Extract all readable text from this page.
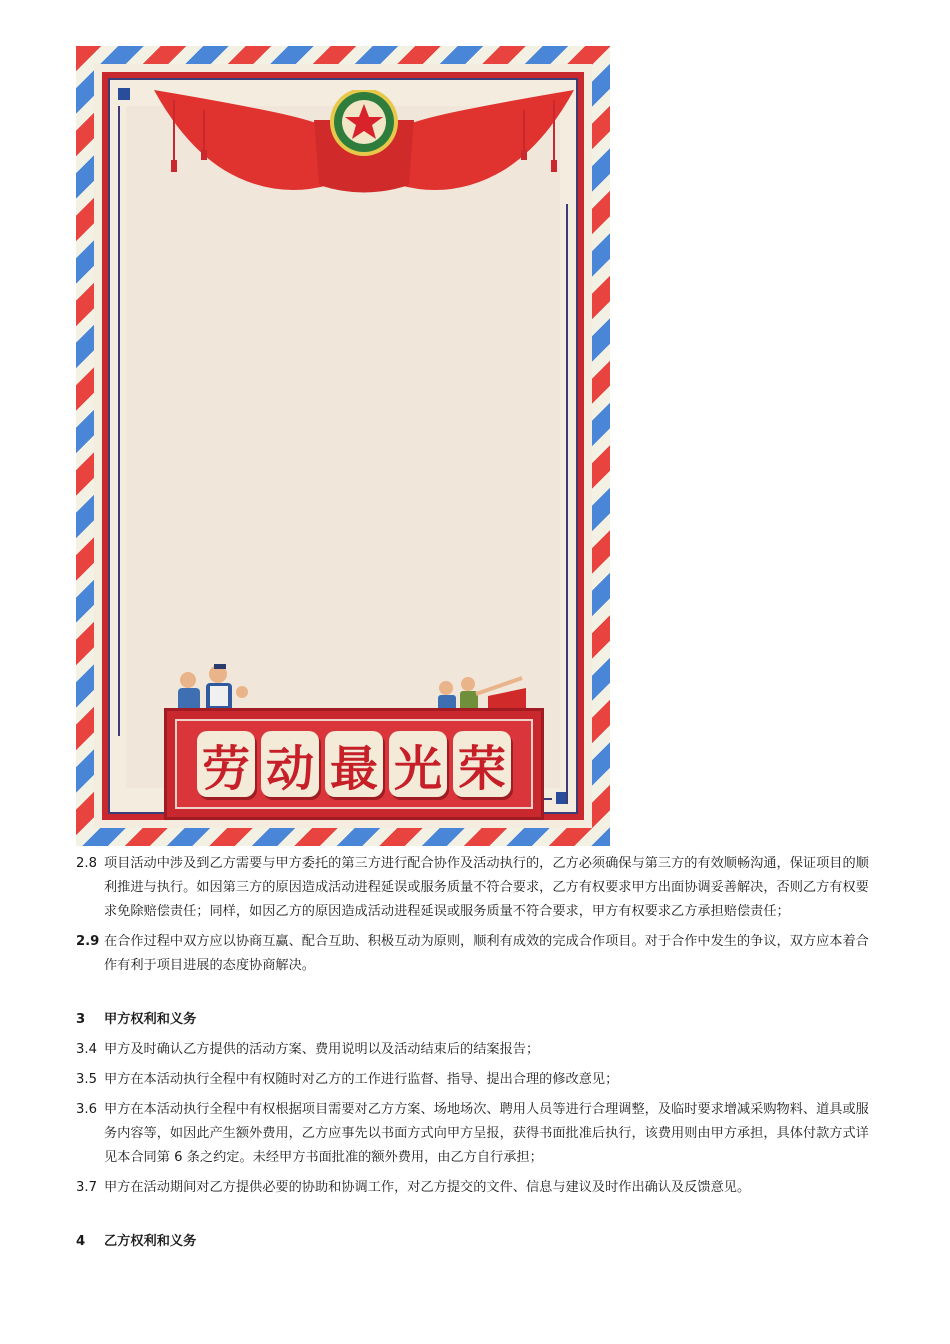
劳 动 最 光 荣
2.8 项目活动中涉及到乙方需要与甲方委托的第三方进行配合协作及活动执行的，乙方必须确保与第三方的有效顺畅沟通，保证项目的顺利推进与执行。如因第三方的原因造成活动进程延误或服务质量不符合要求，乙方有权要求甲方出面协调妥善解决，否则乙方有权要求免除赔偿责任；同样，如因乙方的原因造成活动进程延误或服务质量不符合要求，甲方有权要求乙方承担赔偿责任；
2.9 在合作过程中双方应以协商互赢、配合互助、积极互动为原则，顺利有成效的完成合作项目。对于合作中发生的争议，双方应本着合作有利于项目进展的态度协商解决。
3	甲方权利和义务
3.4 甲方及时确认乙方提供的活动方案、费用说明以及活动结束后的结案报告；
3.5 甲方在本活动执行全程中有权随时对乙方的工作进行监督、指导、提出合理的修改意见；
3.6 甲方在本活动执行全程中有权根据项目需要对乙方方案、场地场次、聘用人员等进行合理调整，及临时要求增减采购物料、道具或服务内容等，如因此产生额外费用，乙方应事先以书面方式向甲方呈报，获得书面批准后执行，该费用则由甲方承担，具体付款方式详见本合同第 6 条之约定。未经甲方书面批准的额外费用，由乙方自行承担；
3.7 甲方在活动期间对乙方提供必要的协助和协调工作，对乙方提交的文件、信息与建议及时作出确认及反馈意见。
4	乙方权利和义务
